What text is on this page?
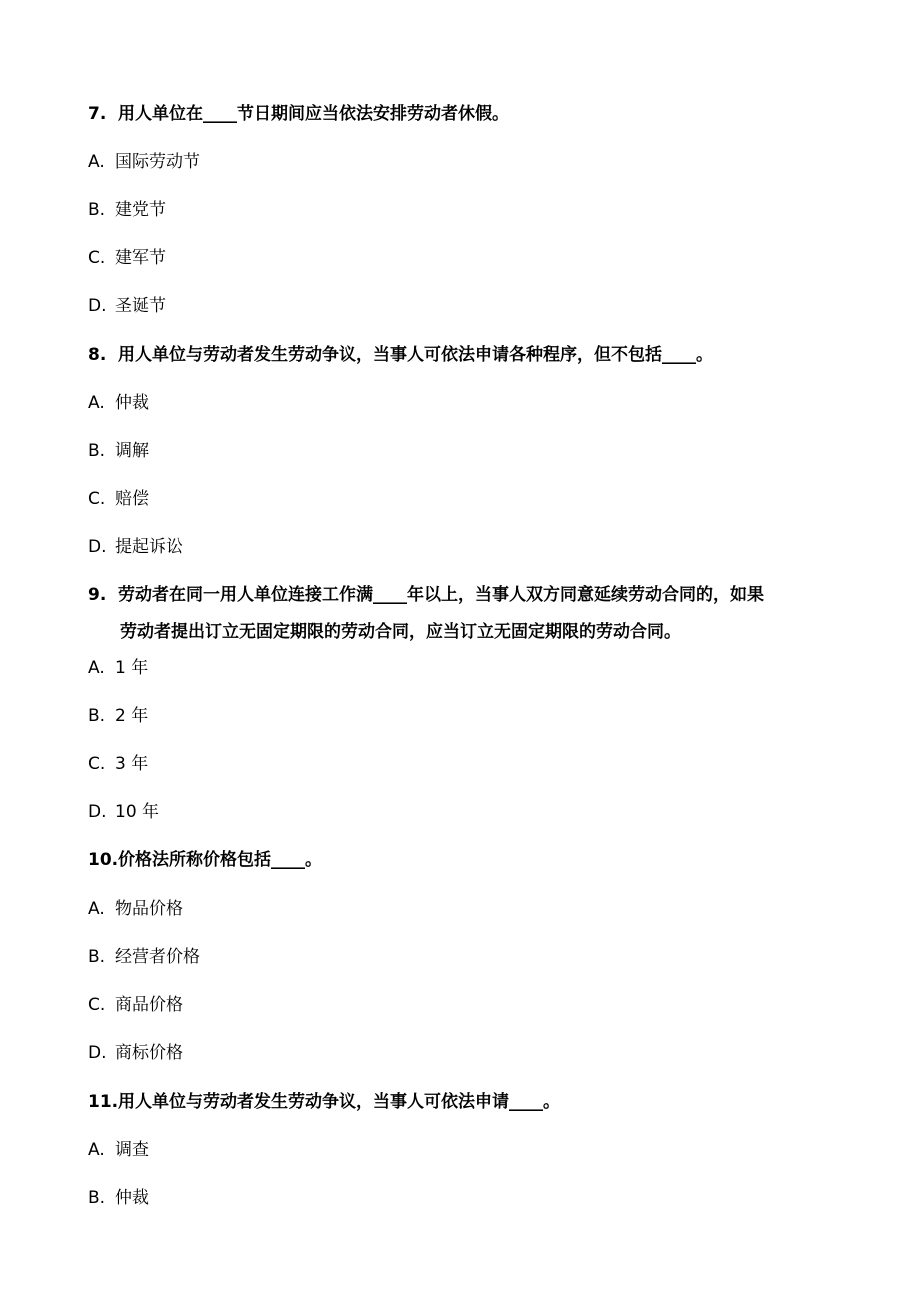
7. 用人单位在____节日期间应当依法安排劳动者休假。
A. 国际劳动节
B. 建党节
C. 建军节
D. 圣诞节
8. 用人单位与劳动者发生劳动争议，当事人可依法申请各种程序，但不包括____。
A. 仲裁
B. 调解
C. 赔偿
D. 提起诉讼
9. 劳动者在同一用人单位连接工作满____年以上，当事人双方同意延续劳动合同的，如果
劳动者提出订立无固定期限的劳动合同，应当订立无固定期限的劳动合同。
A. 1 年
B. 2 年
C. 3 年
D. 10 年
10.价格法所称价格包括____。
A. 物品价格
B. 经营者价格
C. 商品价格
D. 商标价格
11.用人单位与劳动者发生劳动争议，当事人可依法申请____。
A. 调查
B. 仲裁
